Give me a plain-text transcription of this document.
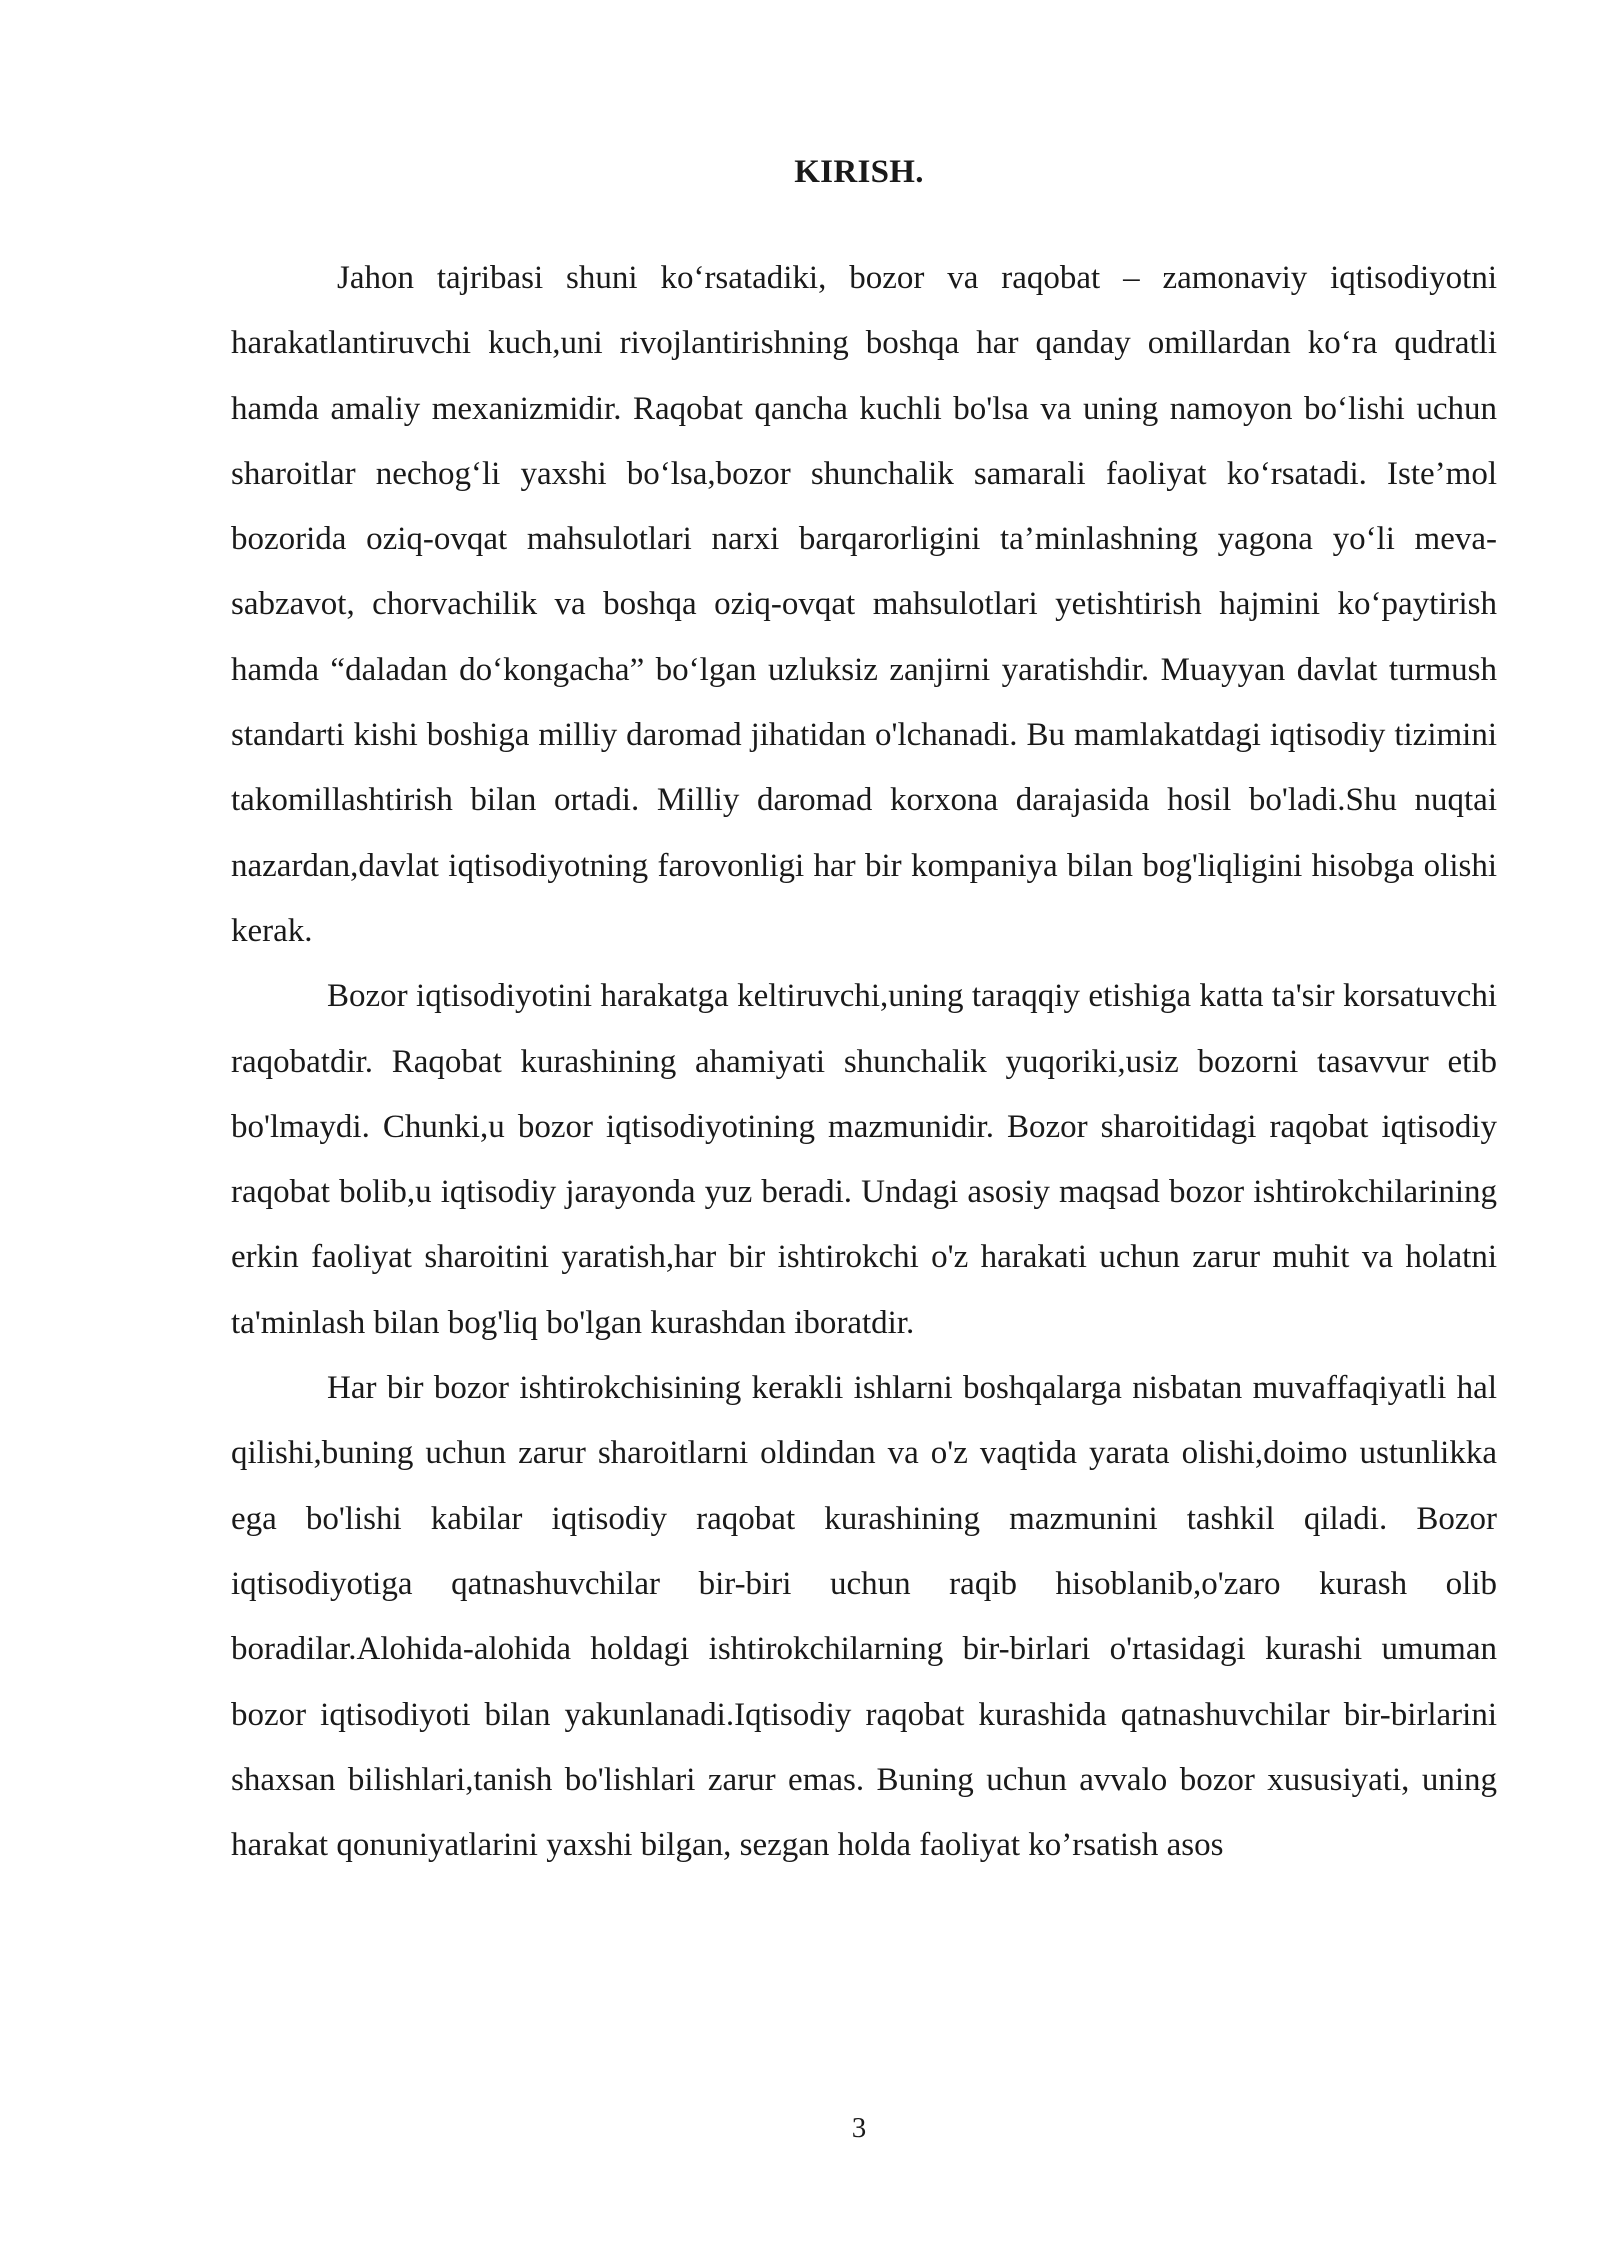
KIRISH.

Jahon tajribasi shuni ko‘rsatadiki, bozor va raqobat – zamonaviy iqtisodiyotni harakatlantiruvchi kuch,uni rivojlantirishning boshqa har qanday omillardan ko‘ra qudratli hamda amaliy mexanizmidir. Raqobat qancha kuchli bo'lsa va uning namoyon bo‘lishi uchun sharoitlar nechog‘li yaxshi bo‘lsa,bozor shunchalik samarali faoliyat ko‘rsatadi. Iste’mol bozorida oziq-ovqat mahsulotlari narxi barqarorligini ta’minlashning yagona yo‘li meva-sabzavot, chorvachilik va boshqa oziq-ovqat mahsulotlari yetishtirish hajmini ko‘paytirish hamda “daladan do‘kongacha” bo‘lgan uzluksiz zanjirni yaratishdir. Muayyan davlat turmush standarti kishi boshiga milliy daromad jihatidan o'lchanadi. Bu mamlakatdagi iqtisodiy tizimini takomillashtirish bilan ortadi. Milliy daromad korxona darajasida hosil bo'ladi.Shu nuqtai nazardan,davlat iqtisodiyotning farovonligi har bir kompaniya bilan bog'liqligini hisobga olishi kerak.

Bozor iqtisodiyotini harakatga keltiruvchi,uning taraqqiy etishiga katta ta'sir korsatuvchi raqobatdir. Raqobat kurashining ahamiyati shunchalik yuqoriki,usiz bozorni tasavvur etib bo'lmaydi. Chunki,u bozor iqtisodiyotining mazmunidir. Bozor sharoitidagi raqobat iqtisodiy raqobat bolib,u iqtisodiy jarayonda yuz beradi. Undagi asosiy maqsad bozor ishtirokchilarining erkin faoliyat sharoitini yaratish,har bir ishtirokchi o'z harakati uchun zarur muhit va holatni ta'minlash bilan bog'liq bo'lgan kurashdan iboratdir.

Har bir bozor ishtirokchisining kerakli ishlarni boshqalarga nisbatan muvaffaqiyatli hal qilishi,buning uchun zarur sharoitlarni oldindan va o'z vaqtida yarata olishi,doimo ustunlikka ega bo'lishi kabilar iqtisodiy raqobat kurashining mazmunini tashkil qiladi. Bozor iqtisodiyotiga qatnashuvchilar bir-biri uchun raqib hisoblanib,o'zaro kurash olib boradilar.Alohida-alohida holdagi ishtirokchilarning bir-birlari o'rtasidagi kurashi umuman bozor iqtisodiyoti bilan yakunlanadi.Iqtisodiy raqobat kurashida qatnashuvchilar bir-birlarini shaxsan bilishlari,tanish bo'lishlari zarur emas. Buning uchun avvalo bozor xususiyati, uning harakat qonuniyatlarini yaxshi bilgan, sezgan holda faoliyat ko’rsatish asos

3
